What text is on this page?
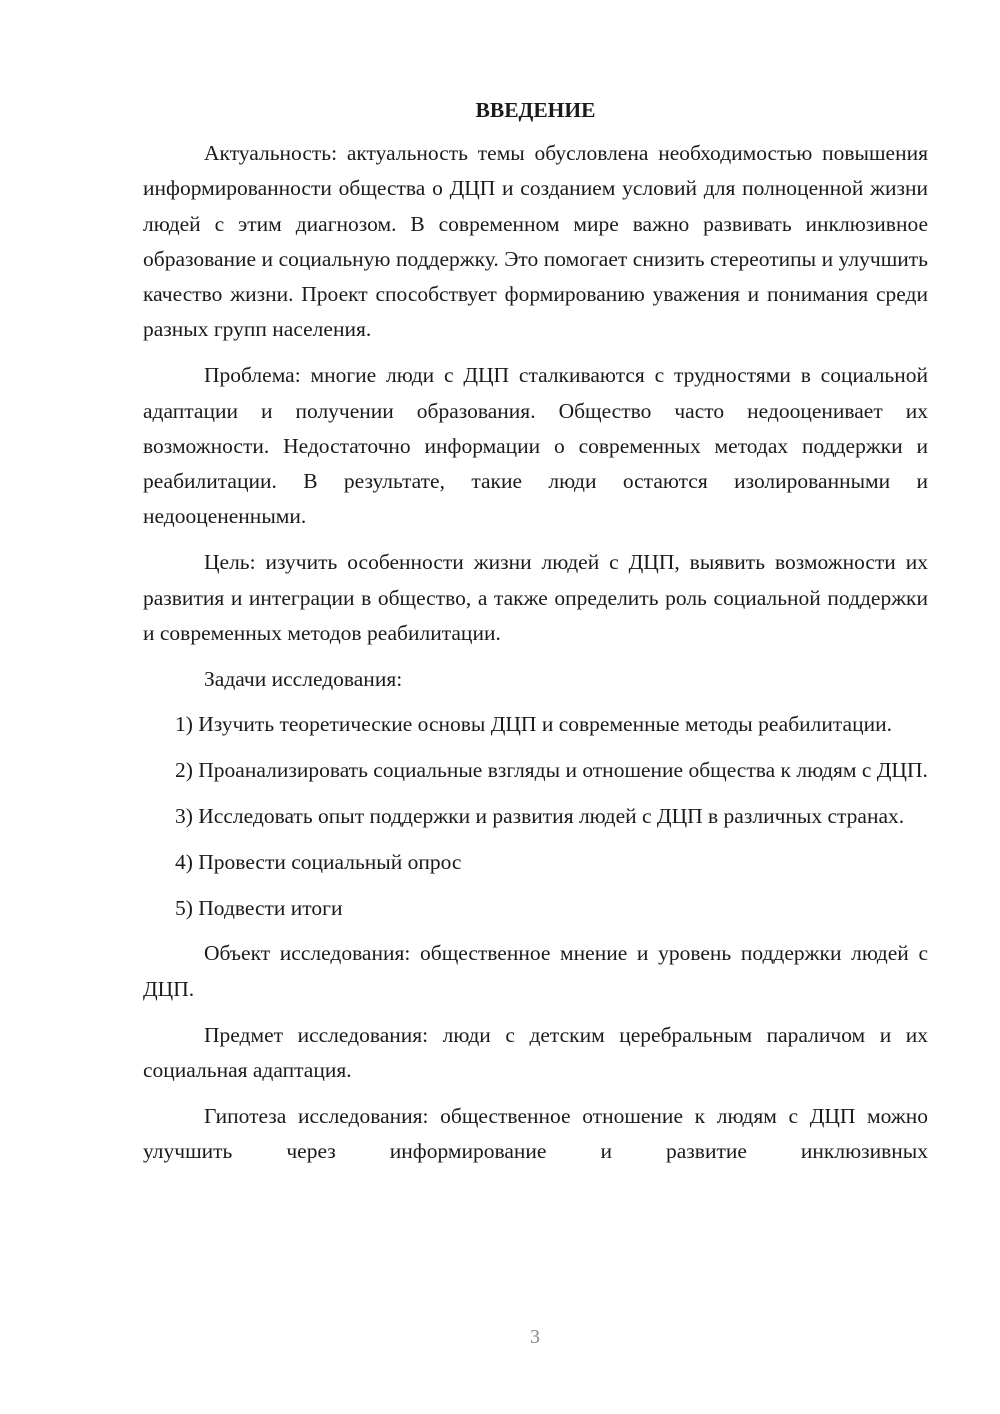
ВВЕДЕНИЕ

Актуальность: актуальность темы обусловлена необходимостью повышения информированности общества о ДЦП и созданием условий для полноценной жизни людей с этим диагнозом. В современном мире важно развивать инклюзивное образование и социальную поддержку. Это помогает снизить стереотипы и улучшить качество жизни. Проект способствует формированию уважения и понимания среди разных групп населения.

Проблема: многие люди с ДЦП сталкиваются с трудностями в социальной адаптации и получении образования. Общество часто недооценивает их возможности. Недостаточно информации о современных методах поддержки и реабилитации. В результате, такие люди остаются изолированными и недооцененными.

Цель: изучить особенности жизни людей с ДЦП, выявить возможности их развития и интеграции в общество, а также определить роль социальной поддержки и современных методов реабилитации.

Задачи исследования:

1) Изучить теоретические основы ДЦП и современные методы реабилитации.

2) Проанализировать социальные взгляды и отношение общества к людям с ДЦП.

3) Исследовать опыт поддержки и развития людей с ДЦП в различных странах.

4) Провести социальный опрос

5) Подвести итоги

Объект исследования: общественное мнение и уровень поддержки людей с ДЦП.

Предмет исследования: люди с детским церебральным параличом и их социальная адаптация.

Гипотеза исследования: общественное отношение к людям с ДЦП можно улучшить через информирование и развитие инклюзивных

3
